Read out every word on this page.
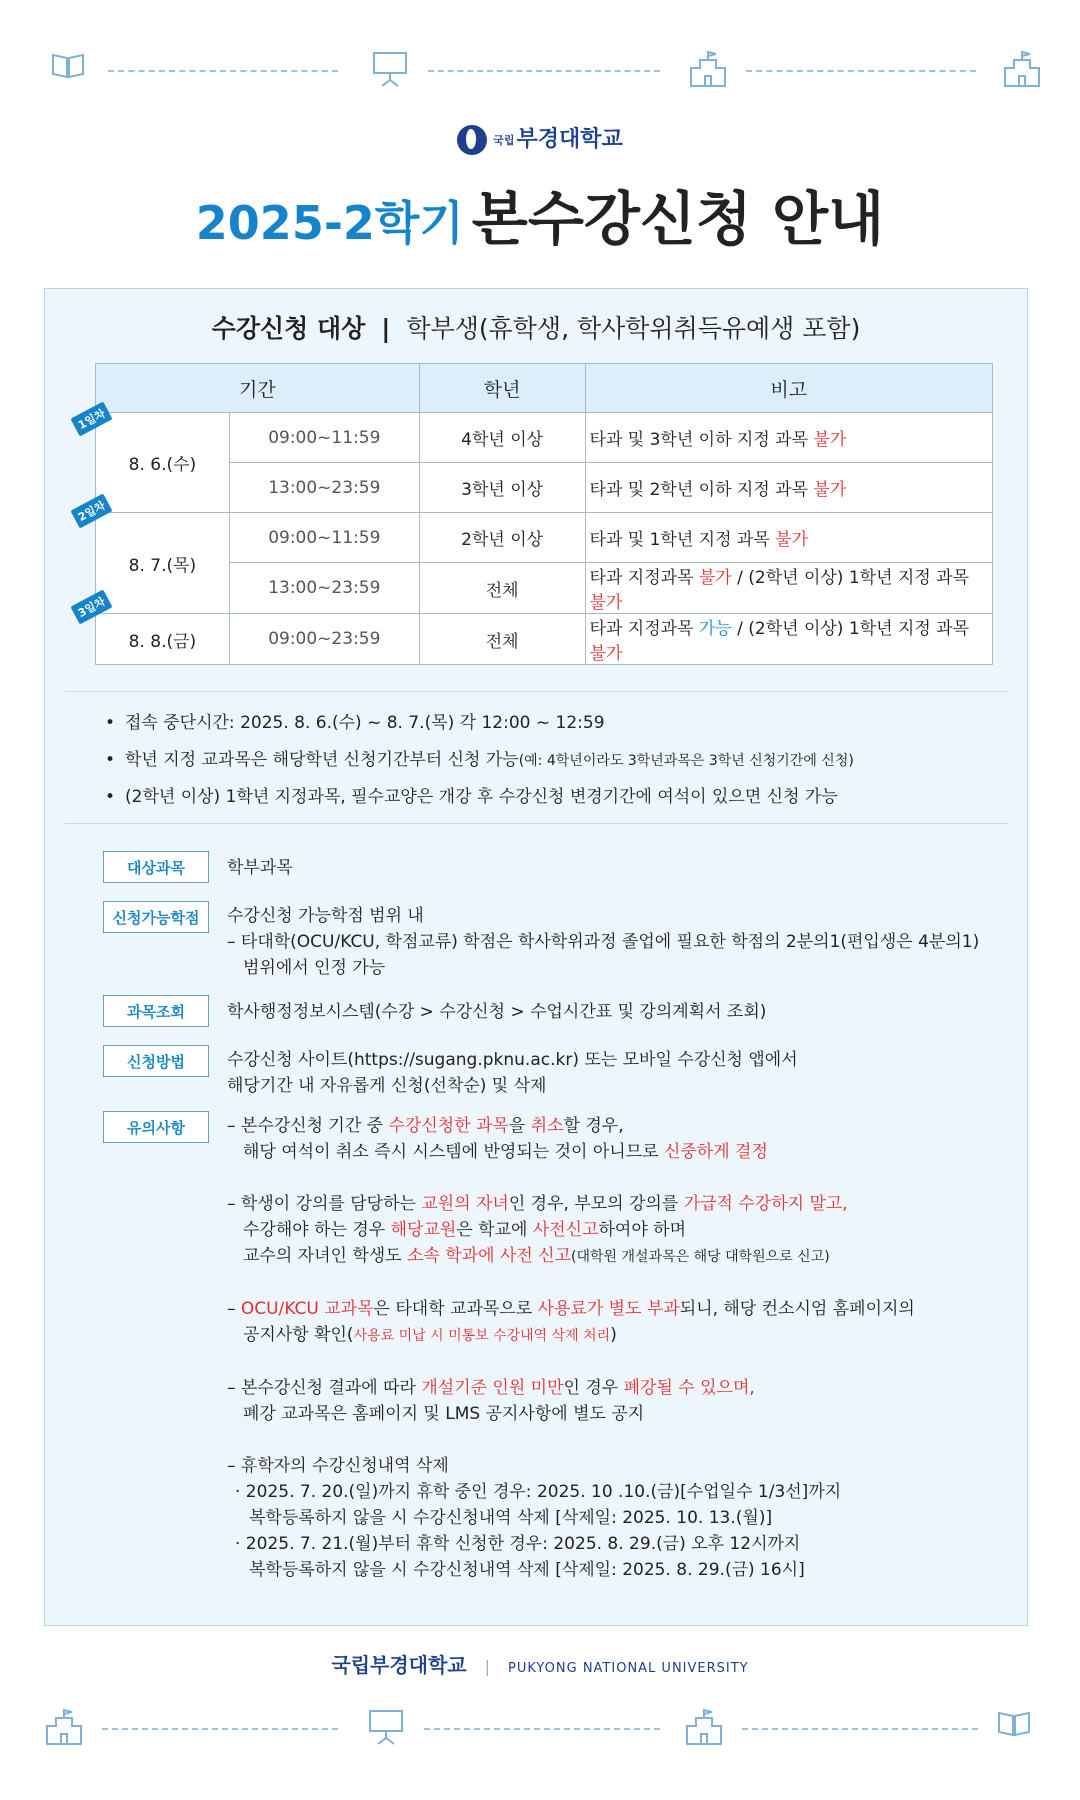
국립부경대학교
2025-2학기 본수강신청 안내
수강신청 대상 | 학부생(휴학생, 학사학위취득유예생 포함)
기간		학년	비고
8. 6.(수)	09:00~11:59	4학년 이상	타과 및 3학년 이하 지정 과목 불가
	13:00~23:59	3학년 이상	타과 및 2학년 이하 지정 과목 불가
8. 7.(목)	09:00~11:59	2학년 이상	타과 및 1학년 지정 과목 불가
	13:00~23:59	전체	타과 지정과목 불가 / (2학년 이상) 1학년 지정 과목 불가
8. 8.(금)	09:00~23:59	전체	타과 지정과목 가능 / (2학년 이상) 1학년 지정 과목 불가
1일차
2일차
3일차
• 접속 중단시간: 2025. 8. 6.(수) ~ 8. 7.(목) 각 12:00 ~ 12:59
• 학년 지정 교과목은 해당학년 신청기간부터 신청 가능(예: 4학년이라도 3학년과목은 3학년 신청기간에 신청)
• (2학년 이상) 1학년 지정과목, 필수교양은 개강 후 수강신청 변경기간에 여석이 있으면 신청 가능
대상과목	학부과목
신청가능학점	수강신청 가능학점 범위 내
– 타대학(OCU/KCU, 학점교류) 학점은 학사학위과정 졸업에 필요한 학점의 2분의1(편입생은 4분의1)
범위에서 인정 가능
과목조회	학사행정정보시스템(수강 > 수강신청 > 수업시간표 및 강의계획서 조회)
신청방법	수강신청 사이트(https://sugang.pknu.ac.kr) 또는 모바일 수강신청 앱에서
해당기간 내 자유롭게 신청(선착순) 및 삭제
유의사항	– 본수강신청 기간 중 수강신청한 과목을 취소할 경우,
해당 여석이 취소 즉시 시스템에 반영되는 것이 아니므로 신중하게 결정
– 학생이 강의를 담당하는 교원의 자녀인 경우, 부모의 강의를 가급적 수강하지 말고,
수강해야 하는 경우 해당교원은 학교에 사전신고하여야 하며
교수의 자녀인 학생도 소속 학과에 사전 신고(대학원 개설과목은 해당 대학원으로 신고)
– OCU/KCU 교과목은 타대학 교과목으로 사용료가 별도 부과되니, 해당 컨소시엄 홈페이지의
공지사항 확인(사용료 미납 시 미통보 수강내역 삭제 처리)
– 본수강신청 결과에 따라 개설기준 인원 미만인 경우 폐강될 수 있으며,
폐강 교과목은 홈페이지 및 LMS 공지사항에 별도 공지
– 휴학자의 수강신청내역 삭제
· 2025. 7. 20.(일)까지 휴학 중인 경우: 2025. 10 .10.(금)[수업일수 1/3선]까지
복학등록하지 않을 시 수강신청내역 삭제 [삭제일: 2025. 10. 13.(월)]
· 2025. 7. 21.(월)부터 휴학 신청한 경우: 2025. 8. 29.(금) 오후 12시까지
복학등록하지 않을 시 수강신청내역 삭제 [삭제일: 2025. 8. 29.(금) 16시]
국립부경대학교 | PUKYONG NATIONAL UNIVERSITY
